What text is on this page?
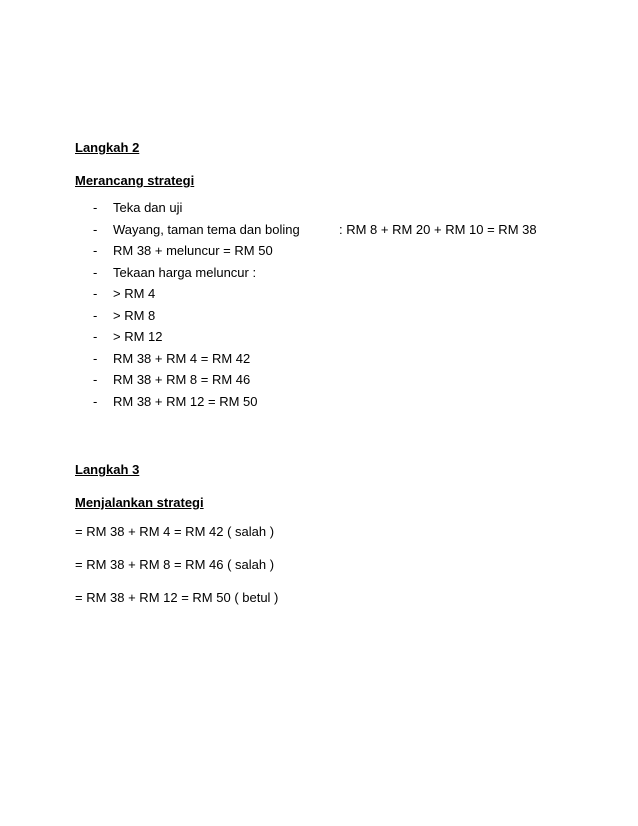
Langkah 2
Merancang strategi
-	Teka dan uji
-	Wayang, taman tema dan boling	: RM 8 + RM 20 + RM 10 = RM 38
-	RM 38 + meluncur = RM 50
-	Tekaan harga meluncur :
-	> RM 4
-	> RM 8
-	> RM 12
-	RM 38 + RM 4 = RM 42
-	RM 38 + RM 8 = RM 46
-	RM 38 + RM 12 = RM 50
Langkah 3
Menjalankan strategi
= RM 38 + RM 4 = RM 42 ( salah )
= RM 38 + RM 8 = RM 46 ( salah )
= RM 38 + RM 12 = RM 50 ( betul )
